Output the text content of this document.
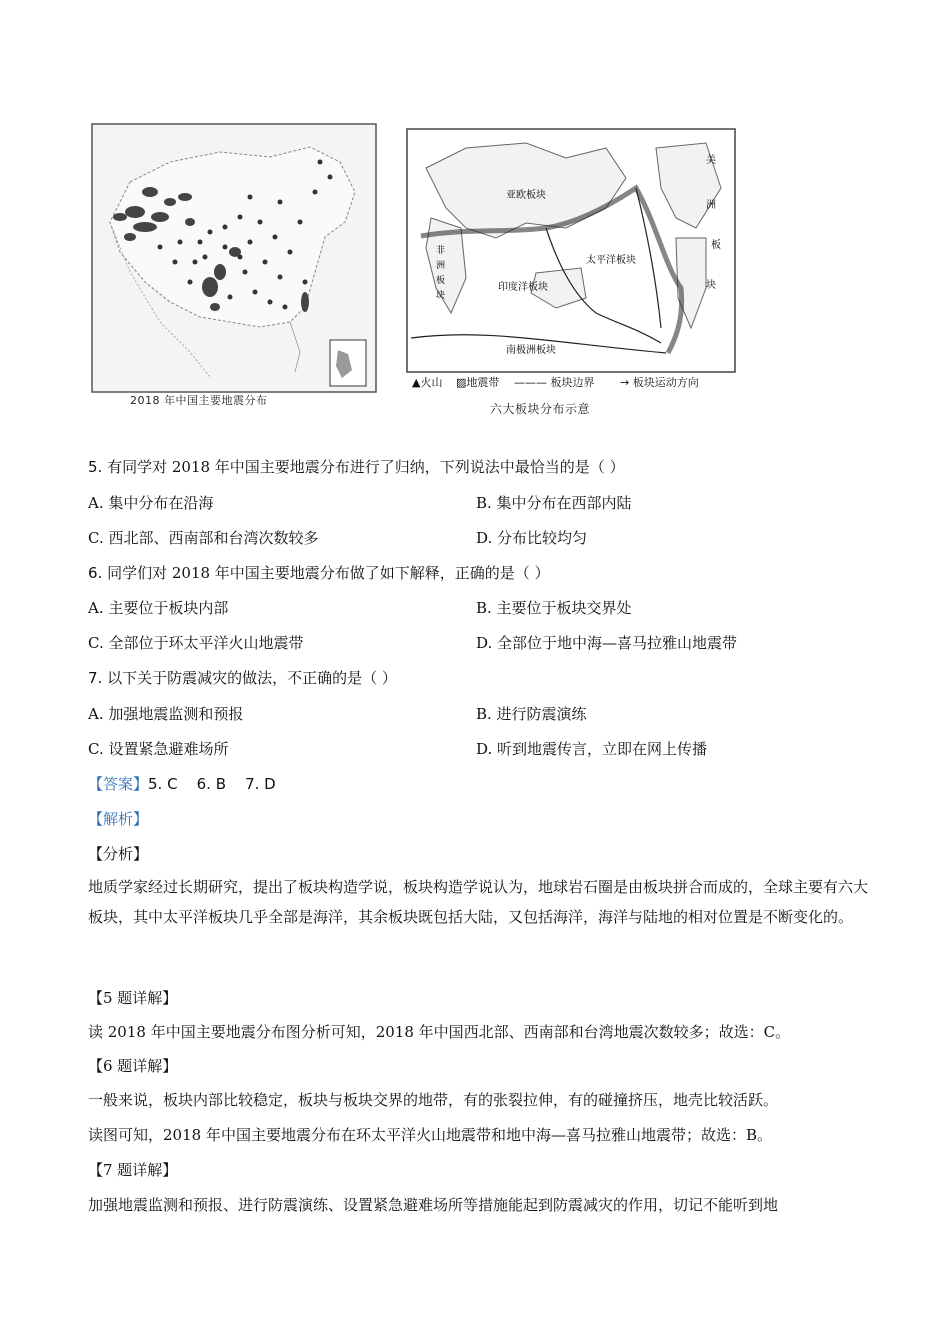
2018 年中国主要地震分布
亚欧板块
美
洲
板
块
非
洲
板
块
太平洋板块
印度洋板块
南极洲板块
▲火山 ▨地震带 ——— 板块边界 → 板块运动方向
六大板块分布示意
5. 有同学对 2018 年中国主要地震分布进行了归纳，下列说法中最恰当的是（ ）
A. 集中分布在沿海	B. 集中分布在西部内陆
C. 西北部、西南部和台湾次数较多	D. 分布比较均匀
6. 同学们对 2018 年中国主要地震分布做了如下解释，正确的是（ ）
A. 主要位于板块内部	B. 主要位于板块交界处
C. 全部位于环太平洋火山地震带	D. 全部位于地中海—喜马拉雅山地震带
7. 以下关于防震减灾的做法，不正确的是（ ）
A. 加强地震监测和预报	B. 进行防震演练
C. 设置紧急避难场所	D. 听到地震传言，立即在网上传播
【答案】5. C    6. B    7. D
【解析】
【分析】
地质学家经过长期研究，提出了板块构造学说，板块构造学说认为，地球岩石圈是由板块拼合而成的，全球主要有六大板块，其中太平洋板块几乎全部是海洋，其余板块既包括大陆，又包括海洋，海洋与陆地的相对位置是不断变化的。
【5 题详解】
读 2018 年中国主要地震分布图分析可知，2018 年中国西北部、西南部和台湾地震次数较多；故选：C。
【6 题详解】
一般来说，板块内部比较稳定，板块与板块交界的地带，有的张裂拉伸，有的碰撞挤压，地壳比较活跃。
读图可知，2018 年中国主要地震分布在环太平洋火山地震带和地中海—喜马拉雅山地震带；故选：B。
【7 题详解】
加强地震监测和预报、进行防震演练、设置紧急避难场所等措施能起到防震减灾的作用，切记不能听到地
